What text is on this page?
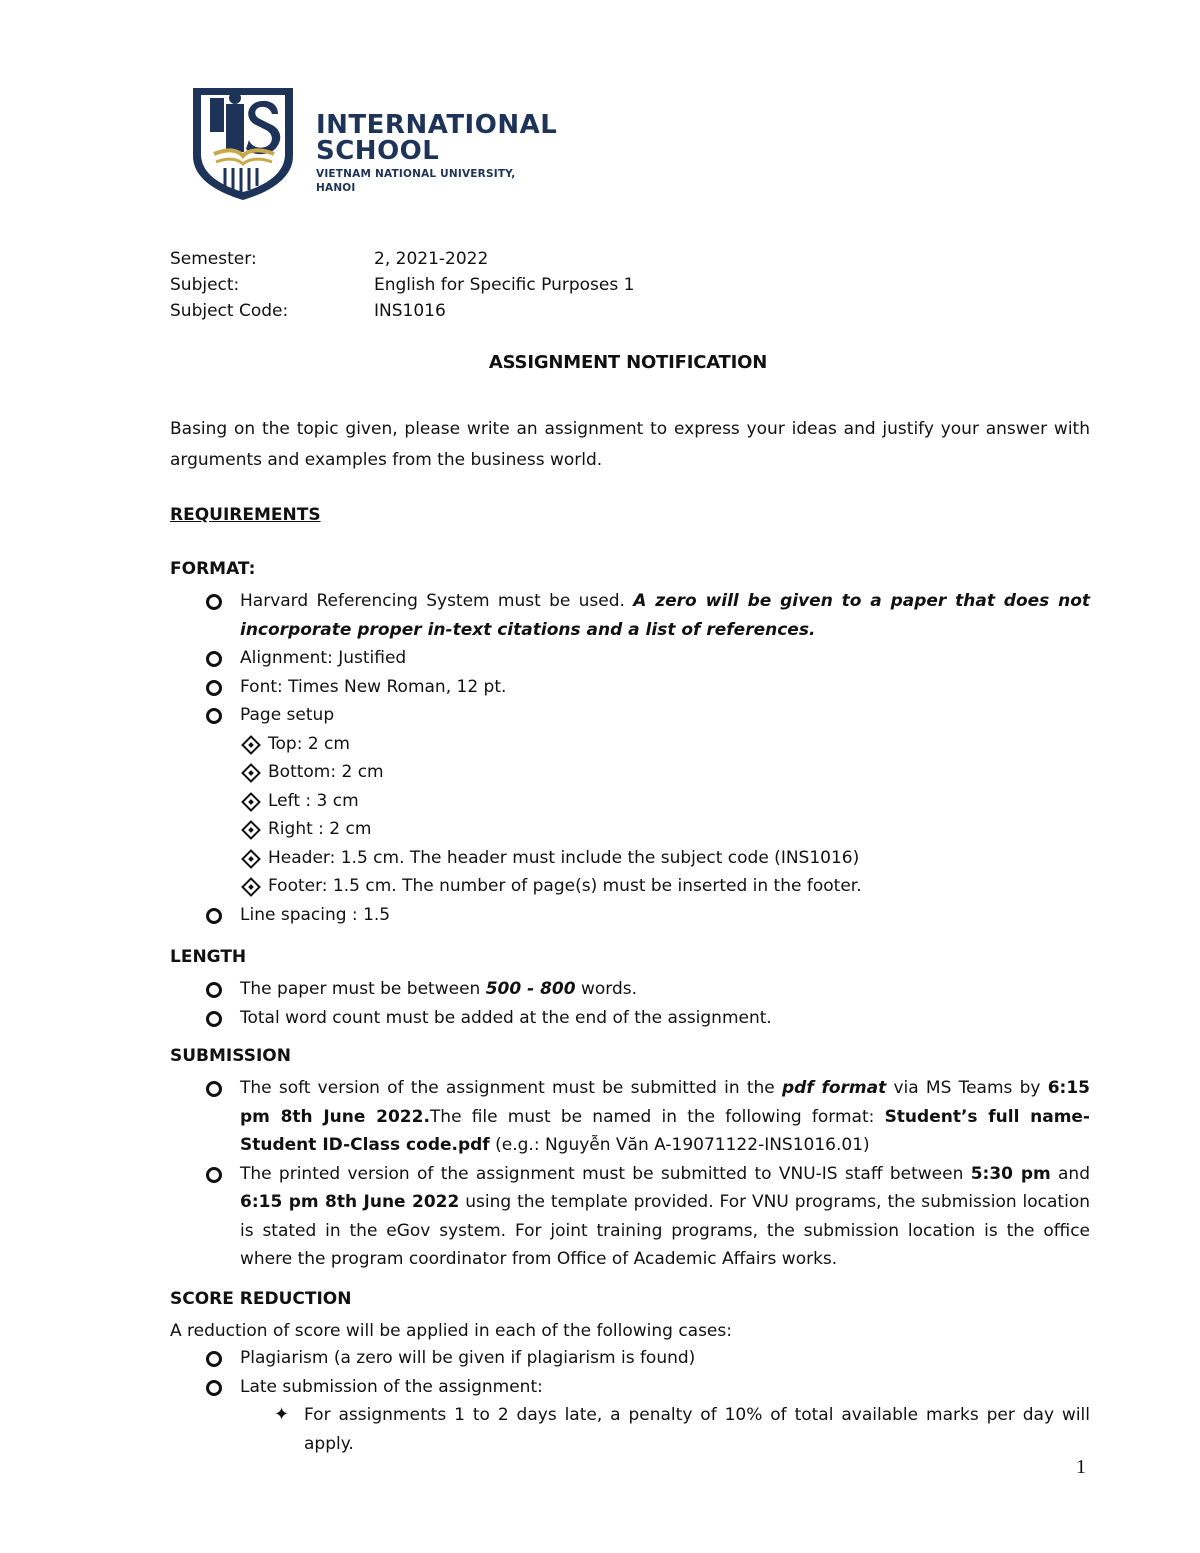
INTERNATIONAL
SCHOOL
VIETNAM NATIONAL UNIVERSITY, HANOI
Semester:	2, 2021-2022
Subject:	English for Specific Purposes 1
Subject Code:	INS1016
ASSIGNMENT NOTIFICATION
Basing on the topic given, please write an assignment to express your ideas and justify your answer with arguments and examples from the business world.
REQUIREMENTS
FORMAT:
Harvard Referencing System must be used. A zero will be given to a paper that does not incorporate proper in-text citations and a list of references.
Alignment: Justified
Font: Times New Roman, 12 pt.
Page setup
Top: 2 cm
Bottom: 2 cm
Left : 3 cm
Right : 2 cm
Header: 1.5 cm. The header must include the subject code (INS1016)
Footer: 1.5 cm. The number of page(s) must be inserted in the footer.
Line spacing : 1.5
LENGTH
The paper must be between 500 - 800 words.
Total word count must be added at the end of the assignment.
SUBMISSION
The soft version of the assignment must be submitted in the pdf format via MS Teams by 6:15 pm 8th June 2022.The file must be named in the following format: Student’s full name-Student ID-Class code.pdf (e.g.: Nguyễn Văn A-19071122-INS1016.01)
The printed version of the assignment must be submitted to VNU-IS staff between 5:30 pm and 6:15 pm 8th June 2022 using the template provided. For VNU programs, the submission location is stated in the eGov system. For joint training programs, the submission location is the office where the program coordinator from Office of Academic Affairs works.
SCORE REDUCTION
A reduction of score will be applied in each of the following cases:
Plagiarism (a zero will be given if plagiarism is found)
Late submission of the assignment:
✦ For assignments 1 to 2 days late, a penalty of 10% of total available marks per day will apply.
1
